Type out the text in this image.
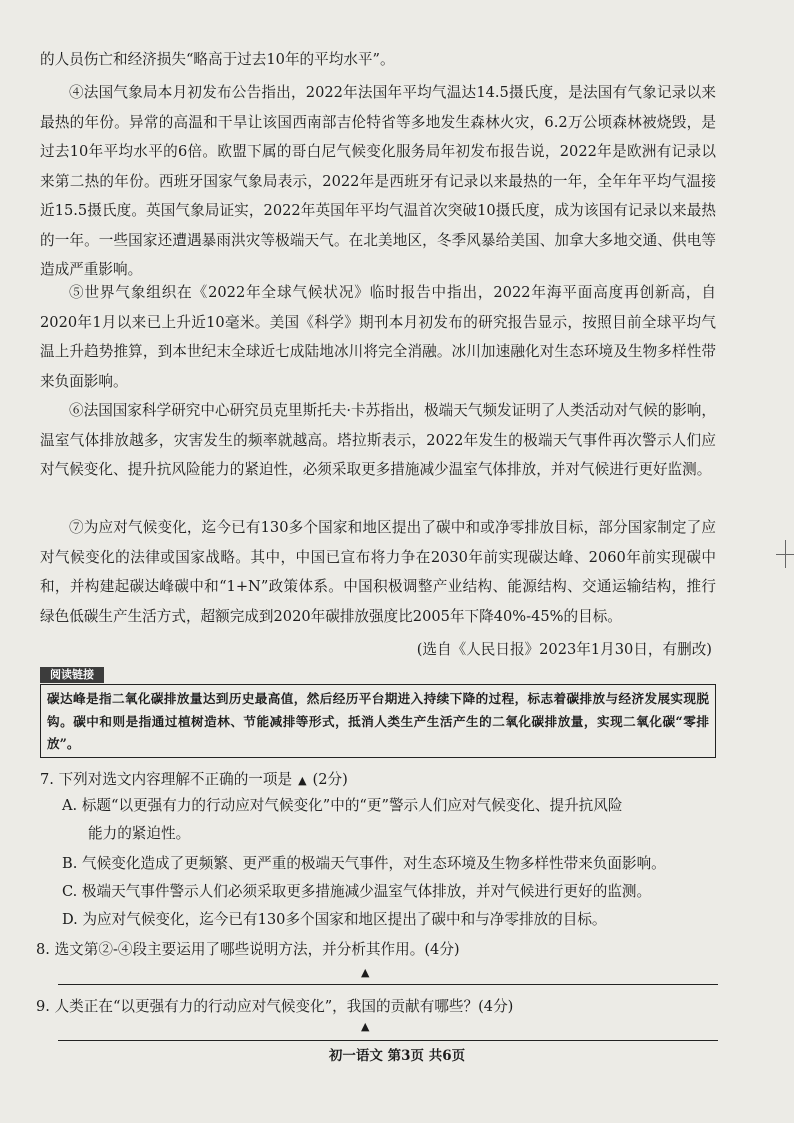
的人员伤亡和经济损失“略高于过去10年的平均水平”。

④法国气象局本月初发布公告指出，2022年法国年平均气温达14.5摄氏度，是法国有气象记录以来最热的年份。异常的高温和干旱让该国西南部吉伦特省等多地发生森林火灾，6.2万公顷森林被烧毁，是过去10年平均水平的6倍。欧盟下属的哥白尼气候变化服务局年初发布报告说，2022年是欧洲有记录以来第二热的年份。西班牙国家气象局表示，2022年是西班牙有记录以来最热的一年，全年年平均气温接近15.5摄氏度。英国气象局证实，2022年英国年平均气温首次突破10摄氏度，成为该国有记录以来最热的一年。一些国家还遭遇暴雨洪灾等极端天气。在北美地区，冬季风暴给美国、加拿大多地交通、供电等造成严重影响。

⑤世界气象组织在《2022年全球气候状况》临时报告中指出，2022年海平面高度再创新高，自2020年1月以来已上升近10毫米。美国《科学》期刊本月初发布的研究报告显示，按照目前全球平均气温上升趋势推算，到本世纪末全球近七成陆地冰川将完全消融。冰川加速融化对生态环境及生物多样性带来负面影响。

⑥法国国家科学研究中心研究员克里斯托夫·卡苏指出，极端天气频发证明了人类活动对气候的影响，温室气体排放越多，灾害发生的频率就越高。塔拉斯表示，2022年发生的极端天气事件再次警示人们应对气候变化、提升抗风险能力的紧迫性，必须采取更多措施减少温室气体排放，并对气候进行更好监测。

⑦为应对气候变化，迄今已有130多个国家和地区提出了碳中和或净零排放目标，部分国家制定了应对气候变化的法律或国家战略。其中，中国已宣布将力争在2030年前实现碳达峰、2060年前实现碳中和，并构建起碳达峰碳中和“1+N”政策体系。中国积极调整产业结构、能源结构、交通运输结构，推行绿色低碳生产生活方式，超额完成到2020年碳排放强度比2005年下降40%-45%的目标。

(选自《人民日报》2023年1月30日，有删改)

阅读链接

碳达峰是指二氧化碳排放量达到历史最高值，然后经历平台期进入持续下降的过程，标志着碳排放与经济发展实现脱钩。碳中和则是指通过植树造林、节能减排等形式，抵消人类生产生活产生的二氧化碳排放量，实现二氧化碳“零排放”。

7. 下列对选文内容理解不正确的一项是 ▲ (2分)

A. 标题“以更强有力的行动应对气候变化”中的“更”警示人们应对气候变化、提升抗风险

能力的紧迫性。

B. 气候变化造成了更频繁、更严重的极端天气事件，对生态环境及生物多样性带来负面影响。

C. 极端天气事件警示人们必须采取更多措施减少温室气体排放，并对气候进行更好的监测。

D. 为应对气候变化，迄今已有130多个国家和地区提出了碳中和与净零排放的目标。

8. 选文第②-④段主要运用了哪些说明方法，并分析其作用。(4分)

▲

9. 人类正在“以更强有力的行动应对气候变化”，我国的贡献有哪些？(4分)

▲

初一语文 第3页 共6页
